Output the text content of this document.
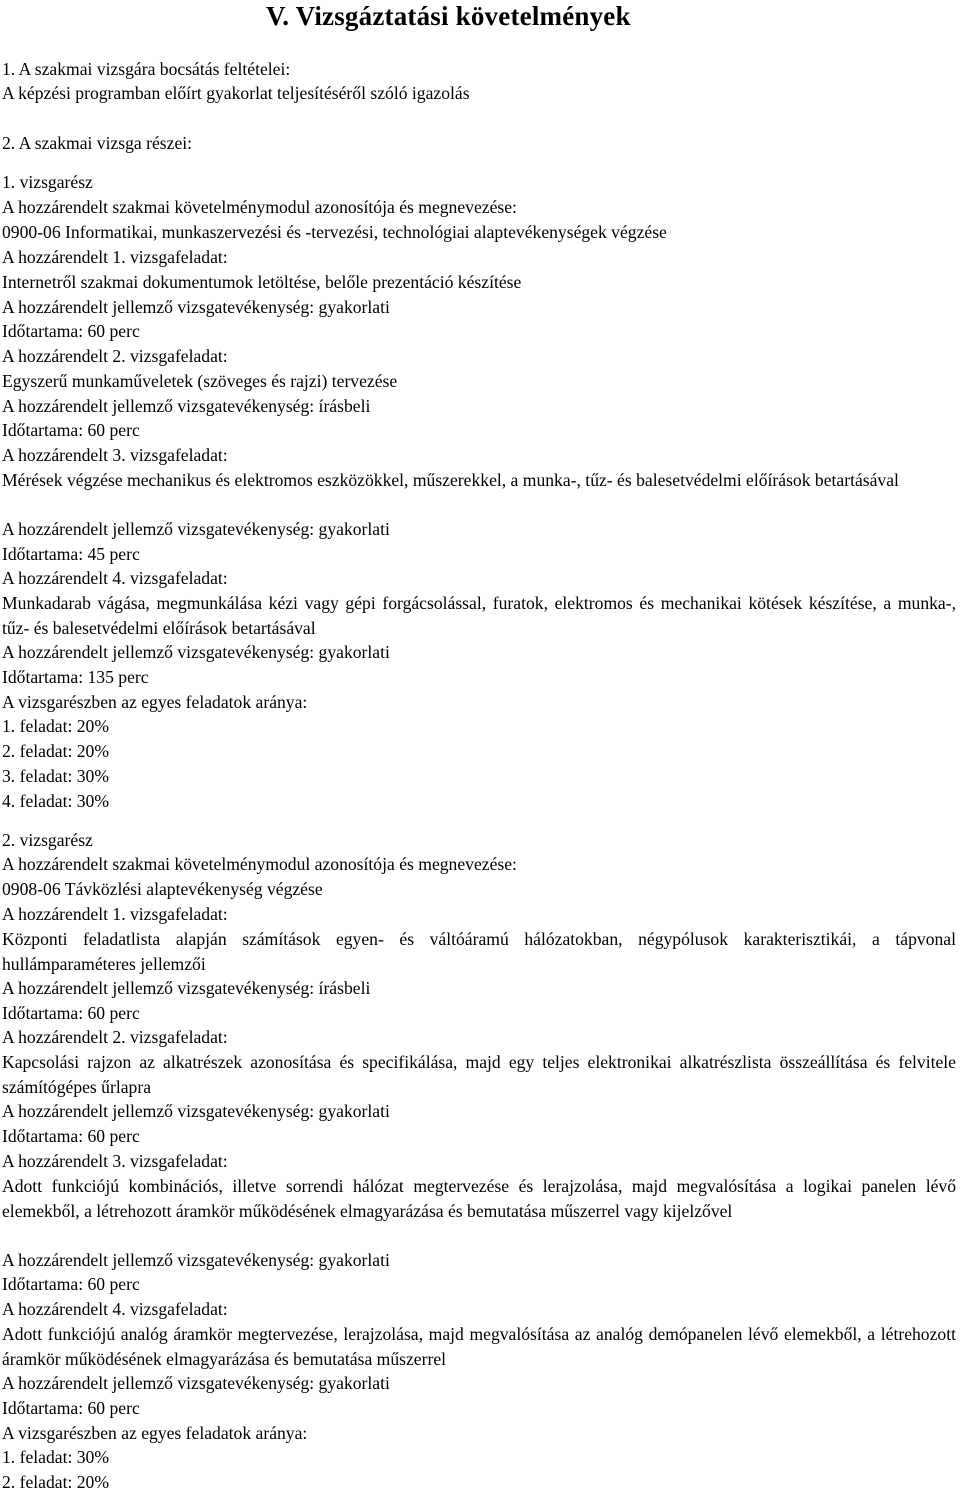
V. Vizsgáztatási követelmények
1. A szakmai vizsgára bocsátás feltételei:
A képzési programban előírt gyakorlat teljesítéséről szóló igazolás
2. A szakmai vizsga részei:
1. vizsgarész
A hozzárendelt szakmai követelménymodul azonosítója és megnevezése:
0900-06 Informatikai, munkaszervezési és -tervezési, technológiai alaptevékenységek végzése
A hozzárendelt 1. vizsgafeladat:
Internetről szakmai dokumentumok letöltése, belőle prezentáció készítése
A hozzárendelt jellemző vizsgatevékenység: gyakorlati
Időtartama: 60 perc
A hozzárendelt 2. vizsgafeladat:
Egyszerű munkaműveletek (szöveges és rajzi) tervezése
A hozzárendelt jellemző vizsgatevékenység: írásbeli
Időtartama: 60 perc
A hozzárendelt 3. vizsgafeladat:
Mérések végzése mechanikus és elektromos eszközökkel, műszerekkel, a munka-, tűz- és balesetvédelmi előírások betartásával
A hozzárendelt jellemző vizsgatevékenység: gyakorlati
Időtartama: 45 perc
A hozzárendelt 4. vizsgafeladat:
Munkadarab vágása, megmunkálása kézi vagy gépi forgácsolással, furatok, elektromos és mechanikai kötések készítése, a munka-, tűz- és balesetvédelmi előírások betartásával
A hozzárendelt jellemző vizsgatevékenység: gyakorlati
Időtartama: 135 perc
A vizsgarészben az egyes feladatok aránya:
1. feladat: 20%
2. feladat: 20%
3. feladat: 30%
4. feladat: 30%
2. vizsgarész
A hozzárendelt szakmai követelménymodul azonosítója és megnevezése:
0908-06 Távközlési alaptevékenység végzése
A hozzárendelt 1. vizsgafeladat:
Központi feladatlista alapján számítások egyen- és váltóáramú hálózatokban, négypólusok karakterisztikái, a tápvonal hullámparaméteres jellemzői
A hozzárendelt jellemző vizsgatevékenység: írásbeli
Időtartama: 60 perc
A hozzárendelt 2. vizsgafeladat:
Kapcsolási rajzon az alkatrészek azonosítása és specifikálása, majd egy teljes elektronikai alkatrészlista összeállítása és felvitele számítógépes űrlapra
A hozzárendelt jellemző vizsgatevékenység: gyakorlati
Időtartama: 60 perc
A hozzárendelt 3. vizsgafeladat:
Adott funkciójú kombinációs, illetve sorrendi hálózat megtervezése és lerajzolása, majd megvalósítása a logikai panelen lévő elemekből, a létrehozott áramkör működésének elmagyarázása és bemutatása műszerrel vagy kijelzővel
A hozzárendelt jellemző vizsgatevékenység: gyakorlati
Időtartama: 60 perc
A hozzárendelt 4. vizsgafeladat:
Adott funkciójú analóg áramkör megtervezése, lerajzolása, majd megvalósítása az analóg demópanelen lévő elemekből, a létrehozott áramkör működésének elmagyarázása és bemutatása műszerrel
A hozzárendelt jellemző vizsgatevékenység: gyakorlati
Időtartama: 60 perc
A vizsgarészben az egyes feladatok aránya:
1. feladat: 30%
2. feladat: 20%
